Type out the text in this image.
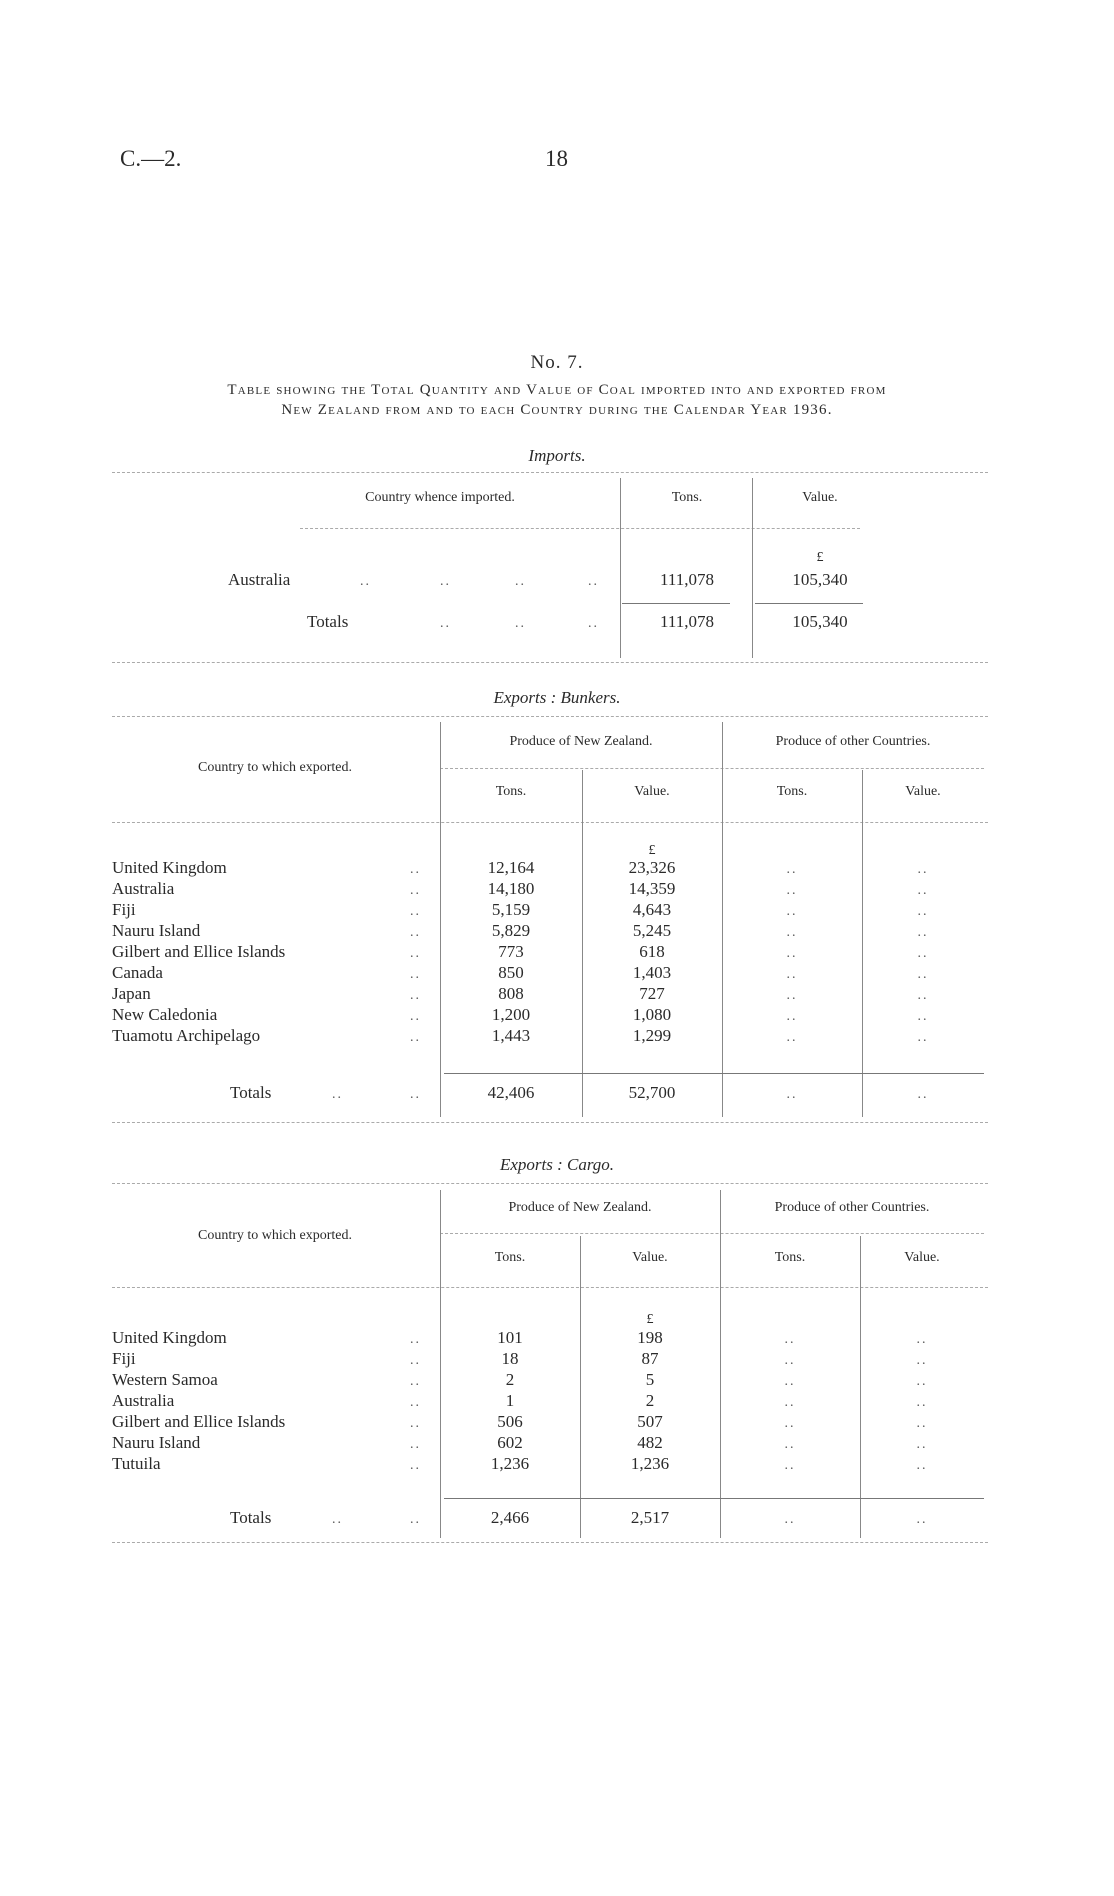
C.—2.	18
No. 7.
Table showing the Total Quantity and Value of Coal imported into and exported from
New Zealand from and to each Country during the Calendar Year 1936.
Imports.
Country whence imported.	Tons.	Value.
£
Australia	..	..	..	..	111,078	105,340
Totals	..	..	..	111,078	105,340
Exports : Bunkers.
Country to which exported.
Produce of New Zealand.	Produce of other Countries.
Tons.	Value.	Tons.	Value.
£
United Kingdom	..	12,164	23,326	..	..
Australia	..	14,180	14,359	..	..
Fiji	..	5,159	4,643	..	..
Nauru Island	..	5,829	5,245	..	..
Gilbert and Ellice Islands	..	773	618	..	..
Canada	..	850	1,403	..	..
Japan	..	808	727	..	..
New Caledonia	..	1,200	1,080	..	..
Tuamotu Archipelago	..	1,443	1,299	..	..
Totals	..	..	42,406	52,700	..	..
Exports : Cargo.
Country to which exported.
Produce of New Zealand.	Produce of other Countries.
Tons.	Value.	Tons.	Value.
£
United Kingdom	..	101	198	..	..
Fiji	..	18	87	..	..
Western Samoa	..	2	5	..	..
Australia	..	1	2	..	..
Gilbert and Ellice Islands	..	506	507	..	..
Nauru Island	..	602	482	..	..
Tutuila	..	1,236	1,236	..	..
Totals	..	..	2,466	2,517	..	..
